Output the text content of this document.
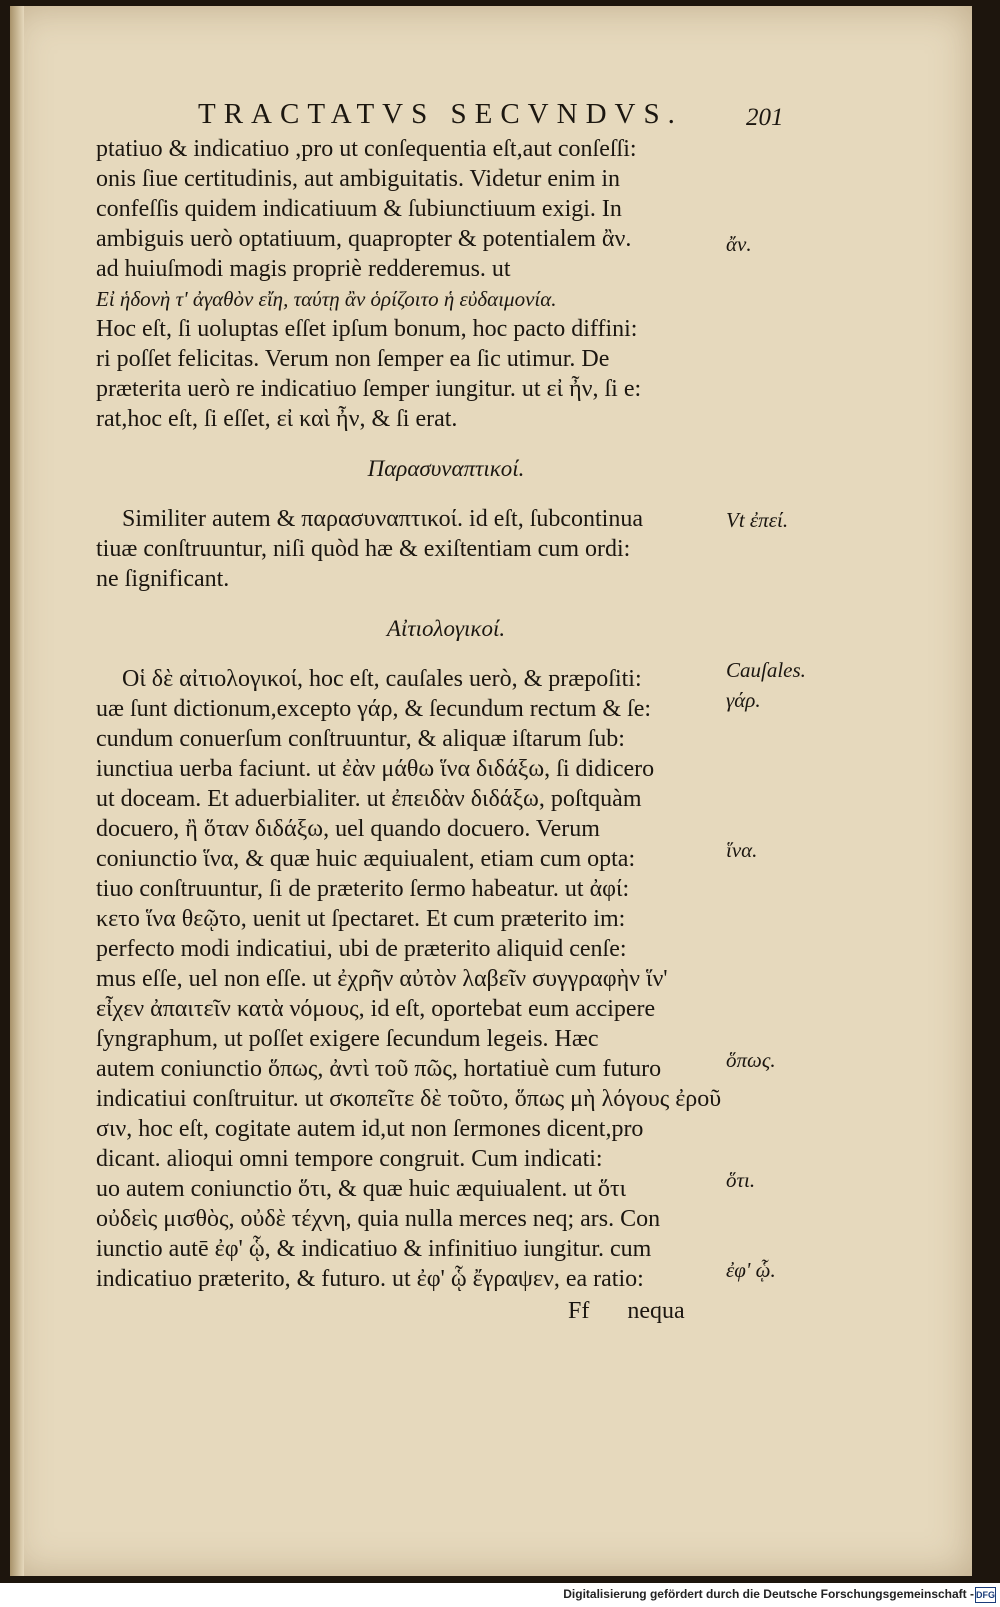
TRACTATVS SECVNDVS.	201
ptatiuo & indicatiuo ,pro ut conſequentia eſt,aut conſeſſi:
onis ſiue certitudinis, aut ambiguitatis. Videtur enim in
confeſſis quidem indicatiuum & ſubiunctiuum exigi. In
ambiguis uerò optatiuum, quapropter & potentialem ἂν.
ad huiuſmodi magis propriè redderemus. ut
Εἰ ἡδονὴ τ' ἀγαθὸν εἴη, ταύτῃ ἂν ὁρίζοιτο ἡ εὐδαιμονία.
Hoc eſt, ſi uoluptas eſſet ipſum bonum, hoc pacto diffini:
ri poſſet felicitas. Verum non ſemper ea ſic utimur. De
præterita uerò re indicatiuo ſemper iungitur. ut εἰ ἦν, ſi e:
rat,hoc eſt, ſi eſſet, εἰ καὶ ἦν, & ſi erat.
Παρασυναπτικοί.
Similiter autem & παρασυναπτικοί. id eſt, ſubcontinua
tiuæ conſtruuntur, niſi quòd hæ & exiſtentiam cum ordi:
ne ſignificant.
Αἰτιολογικοί.
Οἱ δὲ αἰτιολογικοί, hoc eſt, cauſales uerò, & præpoſiti:
uæ ſunt dictionum,excepto γάρ, & ſecundum rectum & ſe:
cundum conuerſum conſtruuntur, & aliquæ iſtarum ſub:
iunctiua uerba faciunt. ut ἐὰν μάθω ἵνα διδάξω, ſi didicero
ut doceam. Et aduerbialiter. ut ἐπειδὰν διδάξω, poſtquàm
docuero, ἢ ὅταν διδάξω, uel quando docuero. Verum
coniunctio ἵνα, & quæ huic æquiualent, etiam cum opta:
tiuo conſtruuntur, ſi de præterito ſermo habeatur. ut ἀφί:
κετο ἵνα θεῷτο, uenit ut ſpectaret. Et cum præterito im:
perfecto modi indicatiui, ubi de præterito aliquid cenſe:
mus eſſe, uel non eſſe. ut ἐχρῆν αὐτὸν λαβεῖν συγγραφὴν ἵν'
εἶχεν ἀπαιτεῖν κατὰ νόμους, id eſt, oportebat eum accipere
ſyngraphum, ut poſſet exigere ſecundum legeis. Hæc
autem coniunctio ὅπως, ἀντὶ τοῦ πῶς, hortatiuè cum futuro
indicatiui conſtruitur. ut σκοπεῖτε δὲ τοῦτο, ὅπως μὴ λόγους ἐροῦ
σιν, hoc eſt, cogitate autem id,ut non ſermones dicent,pro
dicant. alioqui omni tempore congruit. Cum indicati:
uo autem coniunctio ὅτι, & quæ huic æquiualent. ut ὅτι
οὐδεὶς μισθὸς, οὐδὲ τέχνη, quia nulla merces neq; ars. Con
iunctio autē ἐφ' ᾧ, & indicatiuo & infinitiuo iungitur. cum
indicatiuo præterito, & futuro. ut ἐφ' ᾧ ἔγραψεν, ea ratio:
ἄν.
Vt ἐπεί.
Cauſales.
γάρ.
ἵνα.
ὅπως.
ὅτι.
ἐφ' ᾧ.
Ff nequa
Digitalisierung gefördert durch die Deutsche Forschungsgemeinschaft - DFG
